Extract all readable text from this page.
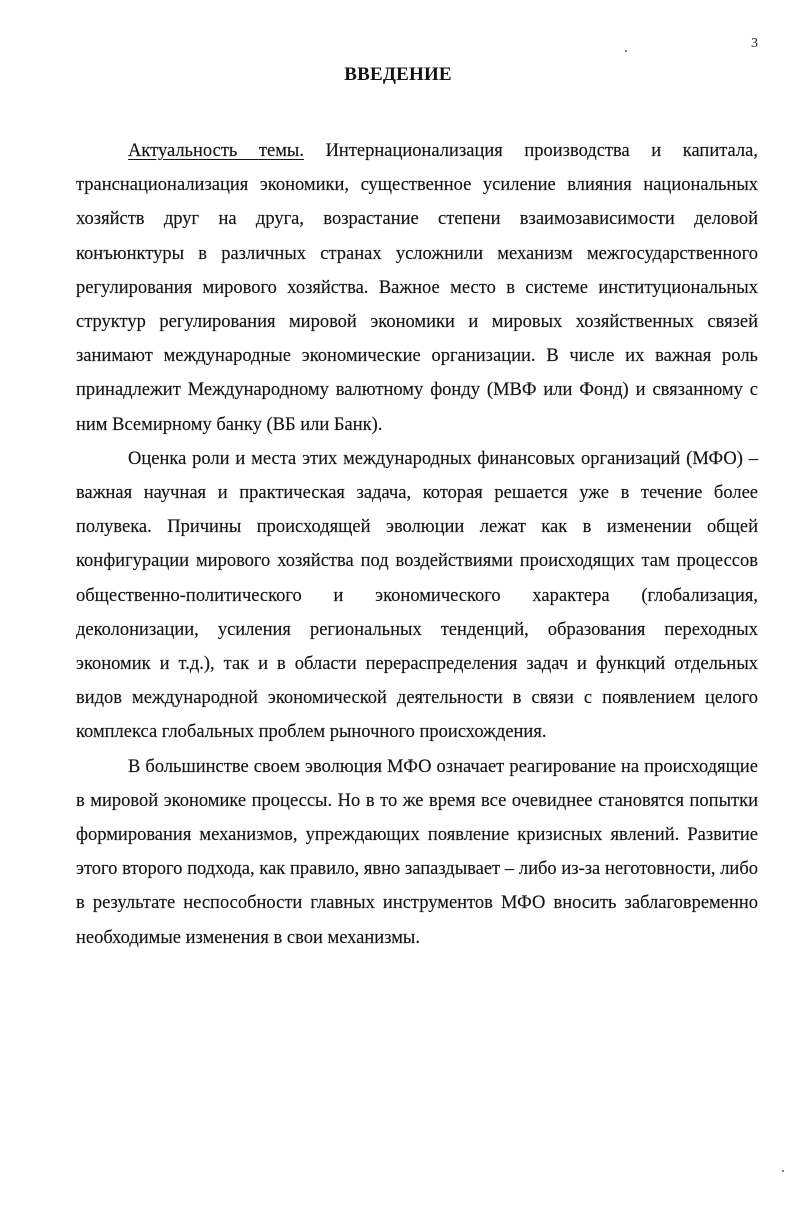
3
ВВЕДЕНИЕ

Актуальность темы. Интернационализация производства и капитала, транснационализация экономики, существенное усиление влияния национальных хозяйств друг на друга, возрастание степени взаимозависимости деловой конъюнктуры в различных странах усложнили механизм межгосударственного регулирования мирового хозяйства. Важное место в системе институциональных структур регулирования мировой экономики и мировых хозяйственных связей занимают международные экономические организации. В числе их важная роль принадлежит Международному валютному фонду (МВФ или Фонд) и связанному с ним Всемирному банку (ВБ или Банк).

Оценка роли и места этих международных финансовых организаций (МФО) – важная научная и практическая задача, которая решается уже в течение более полувека. Причины происходящей эволюции лежат как в изменении общей конфигурации мирового хозяйства под воздействиями происходящих там процессов общественно-политического и экономического характера (глобализация, деколонизации, усиления региональных тенденций, образования переходных экономик и т.д.), так и в области перераспределения задач и функций отдельных видов международной экономической деятельности в связи с появлением целого комплекса глобальных проблем рыночного происхождения.

В большинстве своем эволюция МФО означает реагирование на происходящие в мировой экономике процессы. Но в то же время все очевиднее становятся попытки формирования механизмов, упреждающих появление кризисных явлений. Развитие этого второго подхода, как правило, явно запаздывает – либо из-за неготовности, либо в результате неспособности главных инструментов МФО вносить заблаговременно необходимые изменения в свои механизмы.
